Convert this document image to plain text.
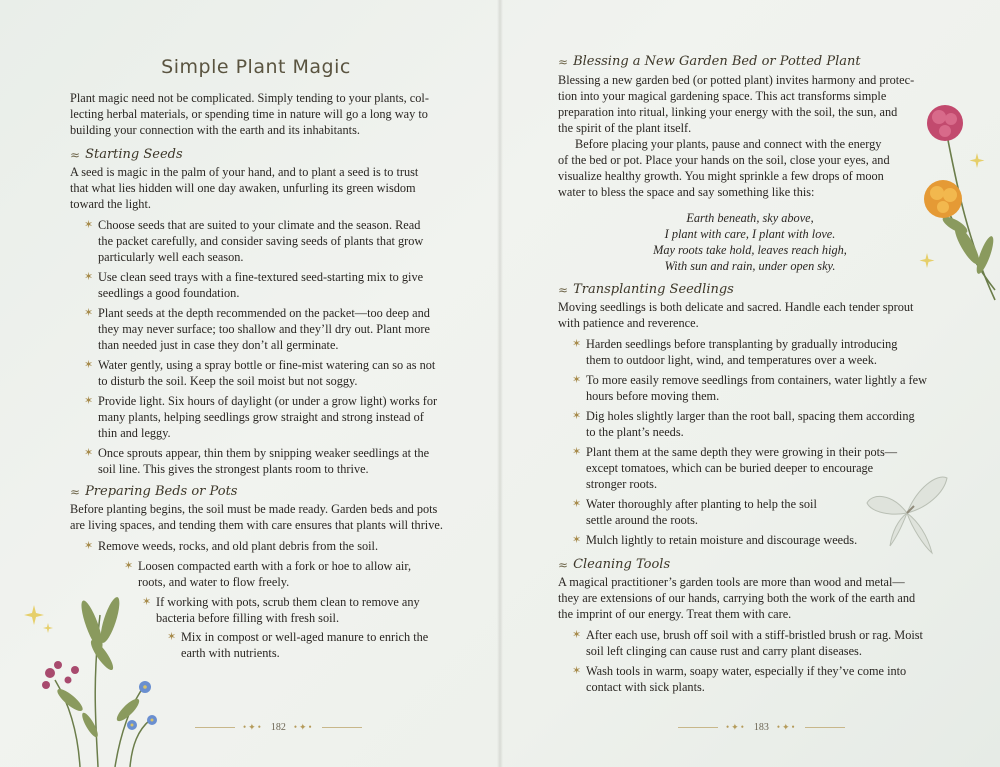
Simple Plant Magic

Plant magic need not be complicated. Simply tending to your plants, col-

lecting herbal materials, or spending time in nature will go a long way to

building your connection with the earth and its inhabitants.

≈ Starting Seeds

A seed is magic in the palm of your hand, and to plant a seed is to trust

that what lies hidden will one day awaken, unfurling its green wisdom

toward the light.

✶ Choose seeds that are suited to your climate and the season. Read
the packet carefully, and consider saving seeds of plants that grow
particularly well each season.
✶ Use clean seed trays with a fine-textured seed-starting mix to give
seedlings a good foundation.
✶ Plant seeds at the depth recommended on the packet—too deep and
they may never surface; too shallow and they’ll dry out. Plant more
than needed just in case they don’t all germinate.
✶ Water gently, using a spray bottle or fine-mist watering can so as not
to disturb the soil. Keep the soil moist but not soggy.
✶ Provide light. Six hours of daylight (or under a grow light) works for
many plants, helping seedlings grow straight and strong instead of
thin and leggy.
✶ Once sprouts appear, thin them by snipping weaker seedlings at the
soil line. This gives the strongest plants room to thrive.
≈ Preparing Beds or Pots

Before planting begins, the soil must be made ready. Garden beds and pots

are living spaces, and tending them with care ensures that plants will thrive.

✶ Remove weeds, rocks, and old plant debris from the soil.
✶ Loosen compacted earth with a fork or hoe to allow air,
roots, and water to flow freely.
✶ If working with pots, scrub them clean to remove any
bacteria before filling with fresh soil.
✶ Mix in compost or well-aged manure to enrich the
earth with nutrients.
•✦• 182 •✦•
≈ Blessing a New Garden Bed or Potted Plant

Blessing a new garden bed (or potted plant) invites harmony and protec-

tion into your magical gardening space. This act transforms simple

preparation into ritual, linking your energy with the soil, the sun, and

the spirit of the plant itself.

Before placing your plants, pause and connect with the energy

of the bed or pot. Place your hands on the soil, close your eyes, and

visualize healthy growth. You might sprinkle a few drops of moon

water to bless the space and say something like this:

Earth beneath, sky above,
I plant with care, I plant with love.
May roots take hold, leaves reach high,
With sun and rain, under open sky.
≈ Transplanting Seedlings

Moving seedlings is both delicate and sacred. Handle each tender sprout

with patience and reverence.

✶ Harden seedlings before transplanting by gradually introducing
them to outdoor light, wind, and temperatures over a week.
✶ To more easily remove seedlings from containers, water lightly a few
hours before moving them.
✶ Dig holes slightly larger than the root ball, spacing them according
to the plant’s needs.
✶ Plant them at the same depth they were growing in their pots—
except tomatoes, which can be buried deeper to encourage
stronger roots.
✶ Water thoroughly after planting to help the soil
settle around the roots.
✶ Mulch lightly to retain moisture and discourage weeds.
≈ Cleaning Tools

A magical practitioner’s garden tools are more than wood and metal—

they are extensions of our hands, carrying both the work of the earth and

the imprint of our energy. Treat them with care.

✶ After each use, brush off soil with a stiff-bristled brush or rag. Moist
soil left clinging can cause rust and carry plant diseases.
✶ Wash tools in warm, soapy water, especially if they’ve come into
contact with sick plants.
•✦• 183 •✦•
